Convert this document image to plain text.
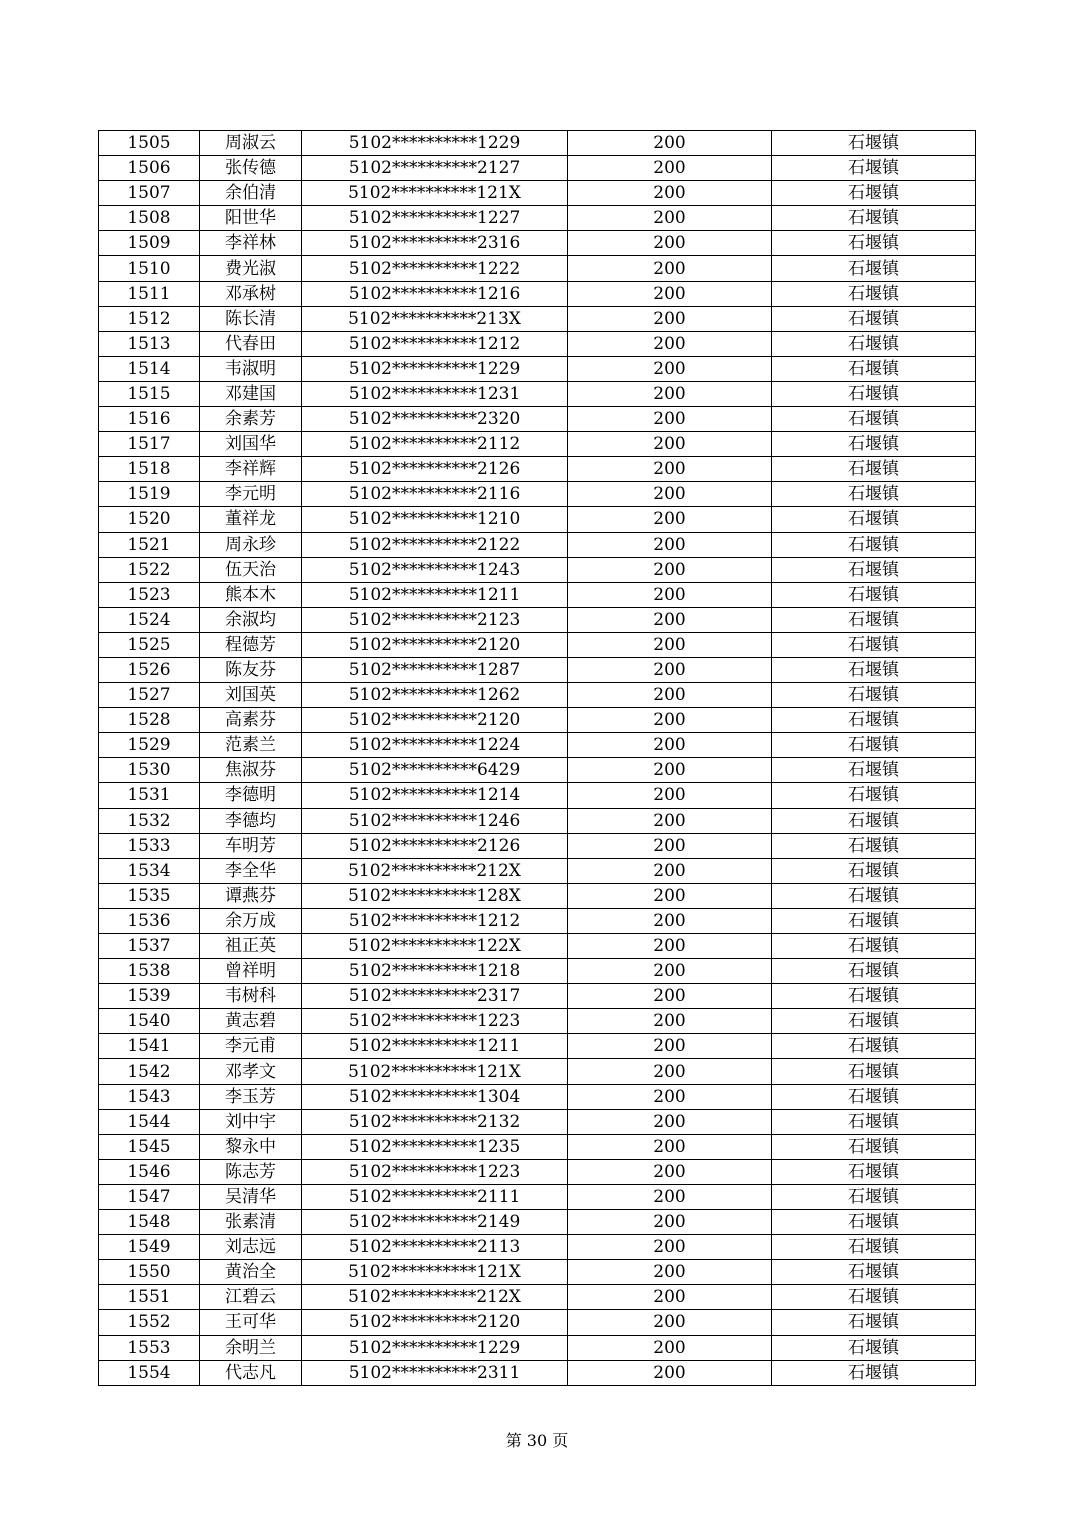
1505	周淑云	5102**********1229	200	石堰镇
1506	张传德	5102**********2127	200	石堰镇
1507	余伯清	5102**********121X	200	石堰镇
1508	阳世华	5102**********1227	200	石堰镇
1509	李祥林	5102**********2316	200	石堰镇
1510	费光淑	5102**********1222	200	石堰镇
1511	邓承树	5102**********1216	200	石堰镇
1512	陈长清	5102**********213X	200	石堰镇
1513	代春田	5102**********1212	200	石堰镇
1514	韦淑明	5102**********1229	200	石堰镇
1515	邓建国	5102**********1231	200	石堰镇
1516	余素芳	5102**********2320	200	石堰镇
1517	刘国华	5102**********2112	200	石堰镇
1518	李祥辉	5102**********2126	200	石堰镇
1519	李元明	5102**********2116	200	石堰镇
1520	董祥龙	5102**********1210	200	石堰镇
1521	周永珍	5102**********2122	200	石堰镇
1522	伍天治	5102**********1243	200	石堰镇
1523	熊本木	5102**********1211	200	石堰镇
1524	余淑均	5102**********2123	200	石堰镇
1525	程德芳	5102**********2120	200	石堰镇
1526	陈友芬	5102**********1287	200	石堰镇
1527	刘国英	5102**********1262	200	石堰镇
1528	高素芬	5102**********2120	200	石堰镇
1529	范素兰	5102**********1224	200	石堰镇
1530	焦淑芬	5102**********6429	200	石堰镇
1531	李德明	5102**********1214	200	石堰镇
1532	李德均	5102**********1246	200	石堰镇
1533	车明芳	5102**********2126	200	石堰镇
1534	李全华	5102**********212X	200	石堰镇
1535	谭燕芬	5102**********128X	200	石堰镇
1536	余万成	5102**********1212	200	石堰镇
1537	祖正英	5102**********122X	200	石堰镇
1538	曾祥明	5102**********1218	200	石堰镇
1539	韦树科	5102**********2317	200	石堰镇
1540	黄志碧	5102**********1223	200	石堰镇
1541	李元甫	5102**********1211	200	石堰镇
1542	邓孝文	5102**********121X	200	石堰镇
1543	李玉芳	5102**********1304	200	石堰镇
1544	刘中宇	5102**********2132	200	石堰镇
1545	黎永中	5102**********1235	200	石堰镇
1546	陈志芳	5102**********1223	200	石堰镇
1547	吴清华	5102**********2111	200	石堰镇
1548	张素清	5102**********2149	200	石堰镇
1549	刘志远	5102**********2113	200	石堰镇
1550	黄治全	5102**********121X	200	石堰镇
1551	江碧云	5102**********212X	200	石堰镇
1552	王可华	5102**********2120	200	石堰镇
1553	余明兰	5102**********1229	200	石堰镇
1554	代志凡	5102**********2311	200	石堰镇
第 30 页
